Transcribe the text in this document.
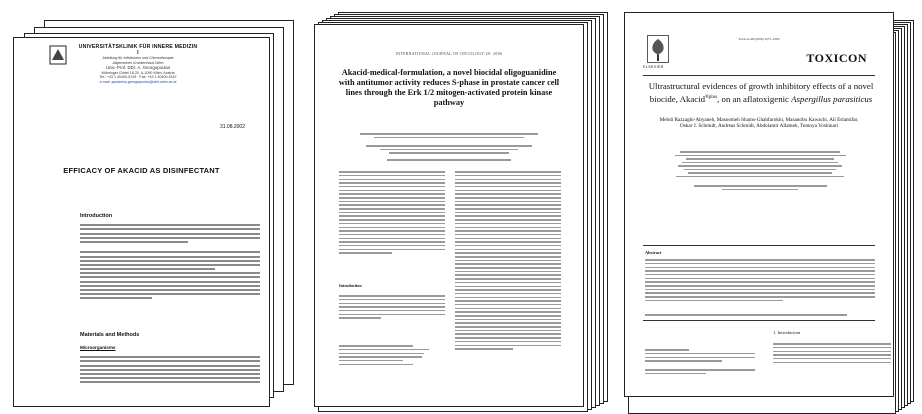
UNIVERSITÄTSKLINIK FÜR INNERE MEDIZIN I
Abteilung für Infektionen und Chemotherapie
Allgemeines Krankenhaus Wien
Univ.-Prof. DDr. A. Georgopoulos
Währinger Gürtel 18-20, A-1090 Wien, Austria
Tel.: +43 1 40400-5139 · Fax: +43 1 40400-5167
e-mail: apostolos.georgopoulos@akh-wien.ac.at
31.08.2002
EFFICACY OF AKACID AS DISINFECTANT
Introduction
Materials and Methods
Microorganisms
INTERNATIONAL JOURNAL OF ONCOLOGY 29: 2006
Akacid-medical-formulation, a novel biocidal oligoguanidine with antitumor activity reduces S-phase in prostate cancer cell lines through the Erk 1/2 mitogen-activated protein kinase pathway
Introduction
Toxicon 48 (2006) 1075–1082
ELSEVIER
TOXICON
Ultrastructural evidences of growth inhibitory effects of a novel biocide, Akacid$^{®plus}$, on an aflatoxigenic Aspergillus parasiticus
Mehdi Razzaghi-Abyaneh, Masoomeh Shams-Ghahfarokhi, Masanobu Kawachi, Ali Eslamifar, Oskar J. Schmidt, Andreas Schmidt, Abdolamir Allameh, Tomoya Yoshinari
Abstract
1. Introduction
